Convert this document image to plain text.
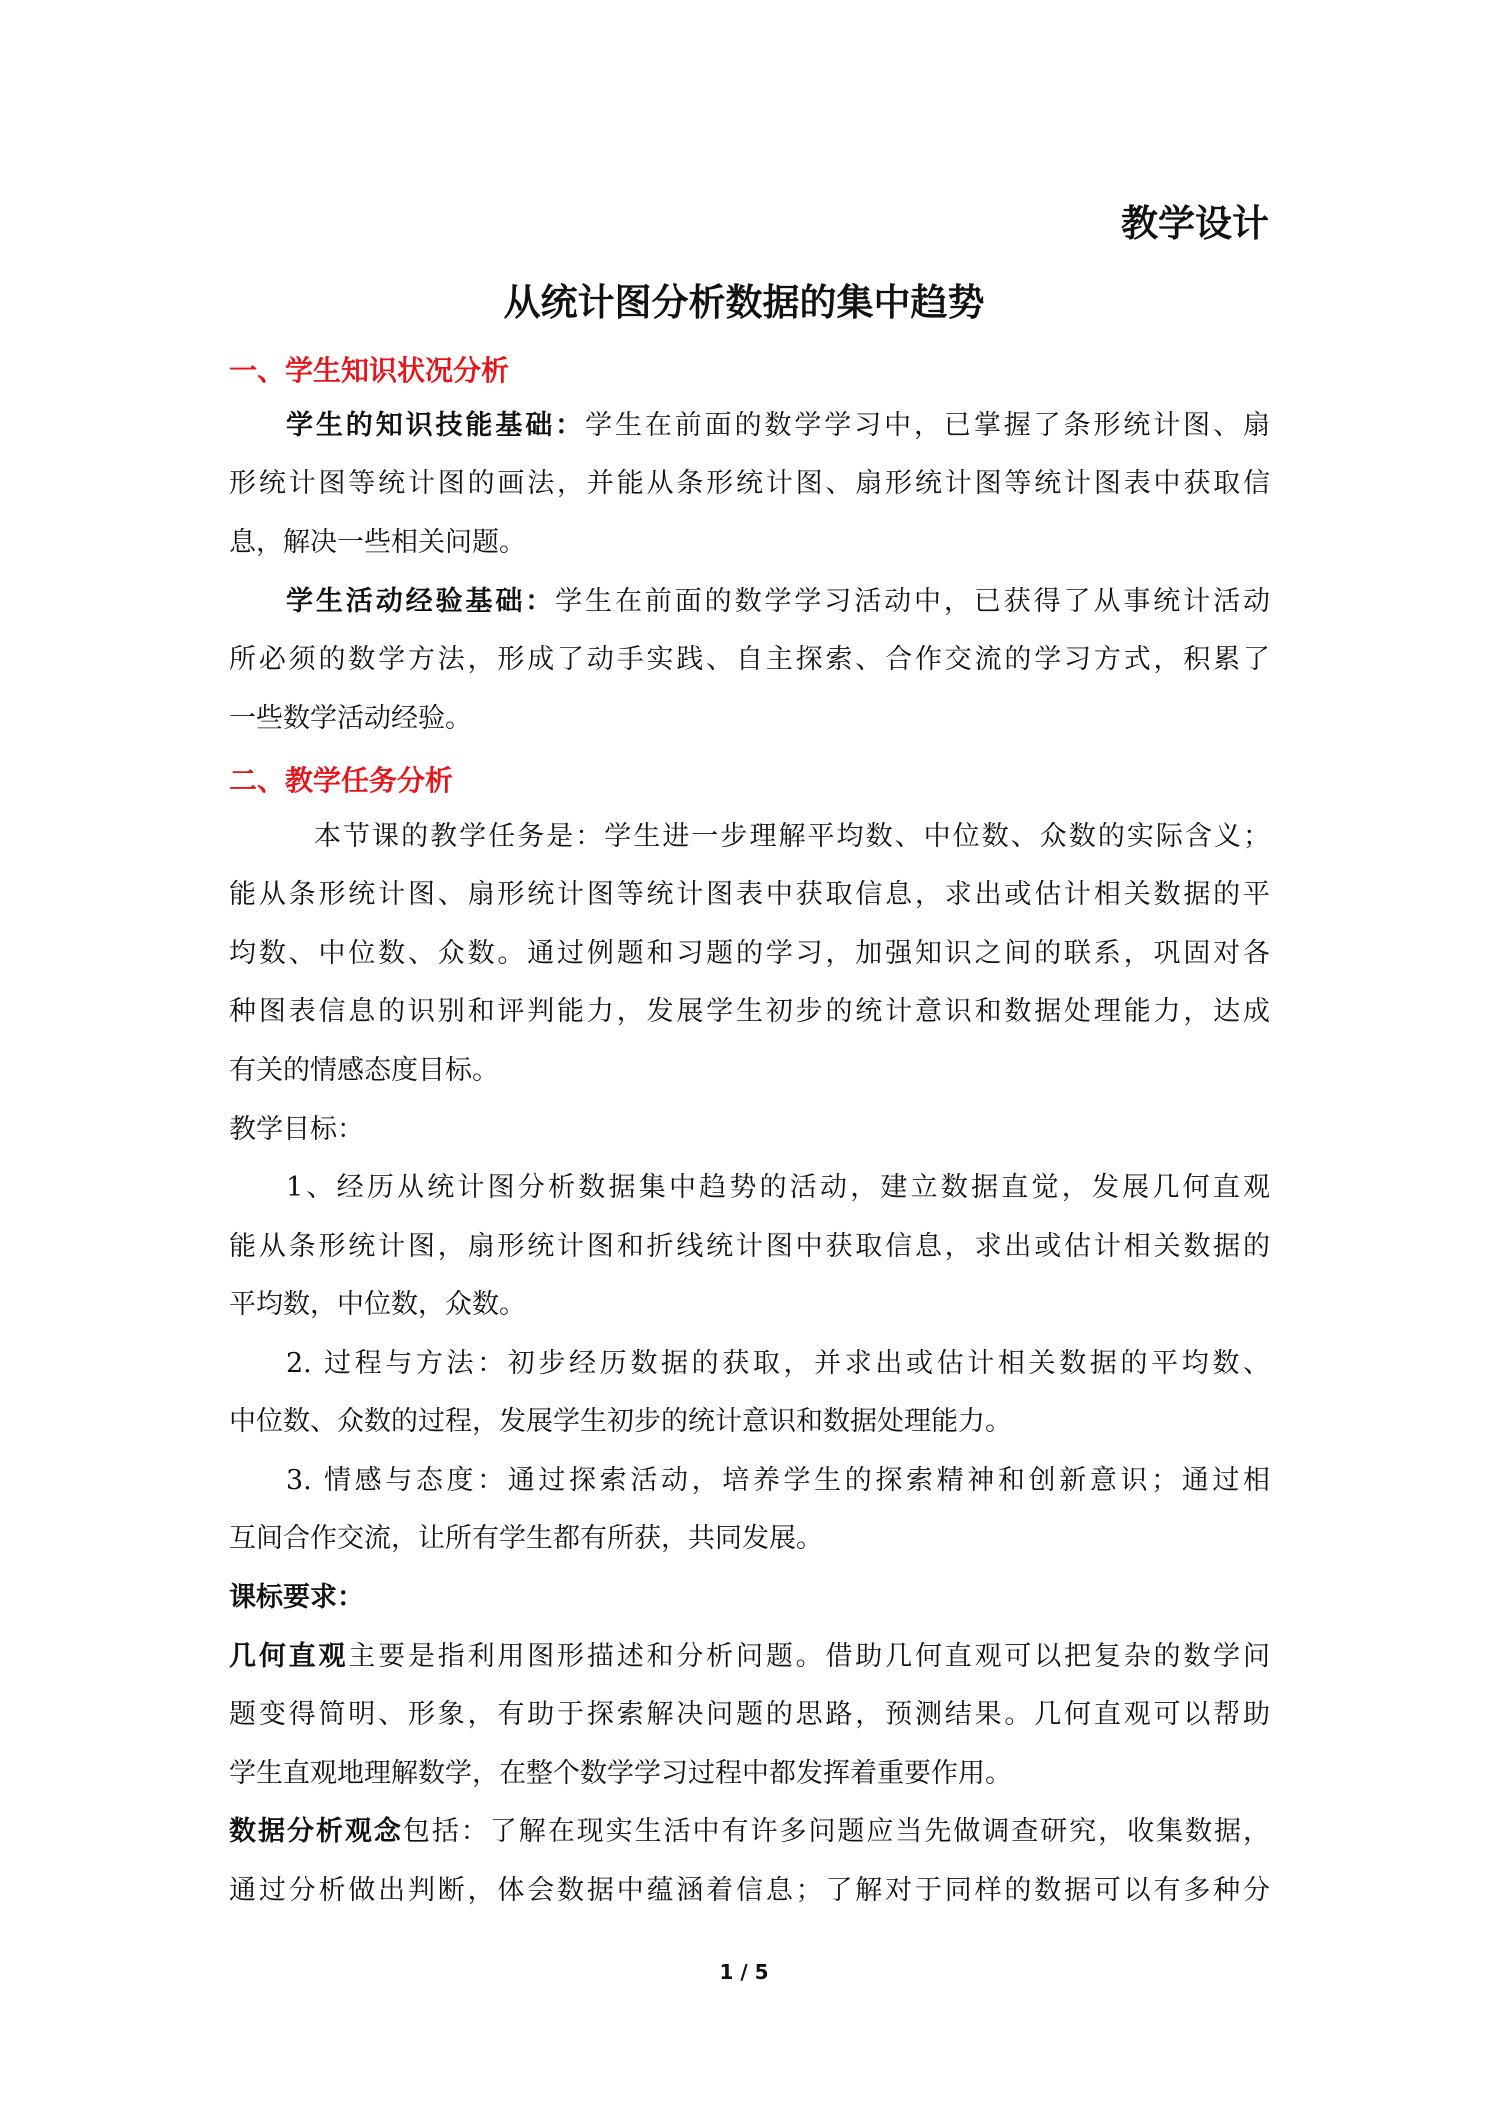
教学设计
从统计图分析数据的集中趋势
一、学生知识状况分析
学生的知识技能基础：学生在前面的数学学习中，已掌握了条形统计图、扇
形统计图等统计图的画法，并能从条形统计图、扇形统计图等统计图表中获取信
息，解决一些相关问题。
学生活动经验基础：学生在前面的数学学习活动中，已获得了从事统计活动
所必须的数学方法，形成了动手实践、自主探索、合作交流的学习方式，积累了
一些数学活动经验。
二、教学任务分析
本节课的教学任务是：学生进一步理解平均数、中位数、众数的实际含义；
能从条形统计图、扇形统计图等统计图表中获取信息，求出或估计相关数据的平
均数、中位数、众数。通过例题和习题的学习，加强知识之间的联系，巩固对各
种图表信息的识别和评判能力，发展学生初步的统计意识和数据处理能力，达成
有关的情感态度目标。
教学目标：
1、经历从统计图分析数据集中趋势的活动，建立数据直觉，发展几何直观
能从条形统计图，扇形统计图和折线统计图中获取信息，求出或估计相关数据的
平均数，中位数，众数。
2. 过程与方法：初步经历数据的获取，并求出或估计相关数据的平均数、
中位数、众数的过程，发展学生初步的统计意识和数据处理能力。
3. 情感与态度：通过探索活动，培养学生的探索精神和创新意识；通过相
互间合作交流，让所有学生都有所获，共同发展。
课标要求：
几何直观主要是指利用图形描述和分析问题。借助几何直观可以把复杂的数学问
题变得简明、形象，有助于探索解决问题的思路，预测结果。几何直观可以帮助
学生直观地理解数学，在整个数学学习过程中都发挥着重要作用。
数据分析观念包括：了解在现实生活中有许多问题应当先做调查研究，收集数据，
通过分析做出判断，体会数据中蕴涵着信息；了解对于同样的数据可以有多种分
1 / 5
